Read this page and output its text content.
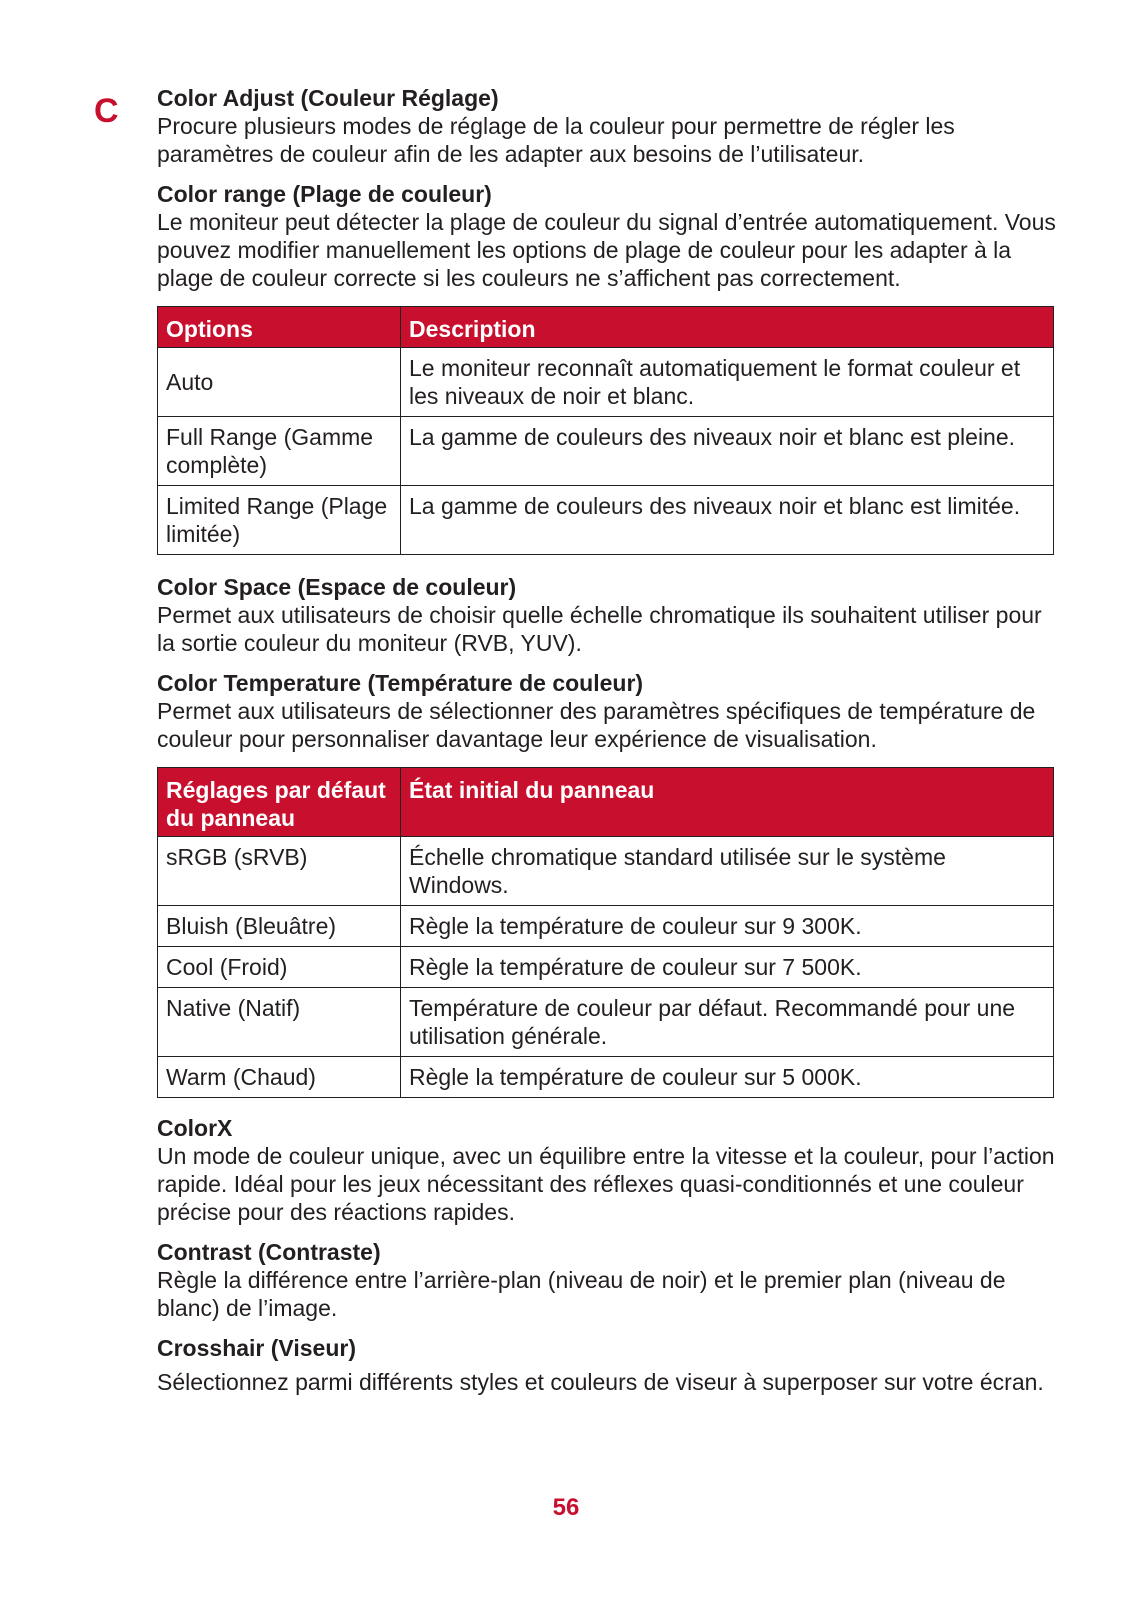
C Color Adjust (Couleur Réglage)

Procure plusieurs modes de réglage de la couleur pour permettre de régler les paramètres de couleur afin de les adapter aux besoins de l’utilisateur.

Color range (Plage de couleur)

Le moniteur peut détecter la plage de couleur du signal d’entrée automatiquement. Vous pouvez modifier manuellement les options de plage de couleur pour les adapter à la plage de couleur correcte si les couleurs ne s’affichent pas correctement.

Options	Description
Auto	Le moniteur reconnaît automatiquement le format couleur et les niveaux de noir et blanc.
Full Range (Gamme complète)	La gamme de couleurs des niveaux noir et blanc est pleine.
Limited Range (Plage limitée)	La gamme de couleurs des niveaux noir et blanc est limitée.

Color Space (Espace de couleur)

Permet aux utilisateurs de choisir quelle échelle chromatique ils souhaitent utiliser pour la sortie couleur du moniteur (RVB, YUV).

Color Temperature (Température de couleur)

Permet aux utilisateurs de sélectionner des paramètres spécifiques de température de couleur pour personnaliser davantage leur expérience de visualisation.

Réglages par défaut du panneau	État initial du panneau
sRGB (sRVB)	Échelle chromatique standard utilisée sur le système Windows.
Bluish (Bleuâtre)	Règle la température de couleur sur 9 300K.
Cool (Froid)	Règle la température de couleur sur 7 500K.
Native (Natif)	Température de couleur par défaut. Recommandé pour une utilisation générale.
Warm (Chaud)	Règle la température de couleur sur 5 000K.

ColorX

Un mode de couleur unique, avec un équilibre entre la vitesse et la couleur, pour l’action rapide. Idéal pour les jeux nécessitant des réflexes quasi-conditionnés et une couleur précise pour des réactions rapides.

Contrast (Contraste)

Règle la différence entre l’arrière-plan (niveau de noir) et le premier plan (niveau de blanc) de l’image.

Crosshair (Viseur)

Sélectionnez parmi différents styles et couleurs de viseur à superposer sur votre écran.

56
